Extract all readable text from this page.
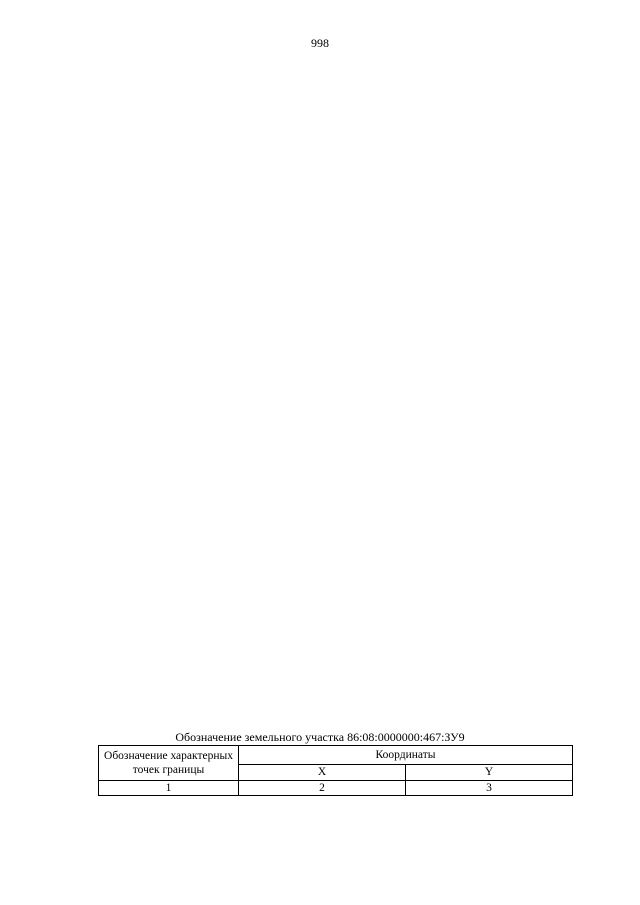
998
Обозначение земельного участка 86:08:0000000:467:ЗУ9
Обозначение характерных точек границы	Координаты	
	X	Y
1	2	3
